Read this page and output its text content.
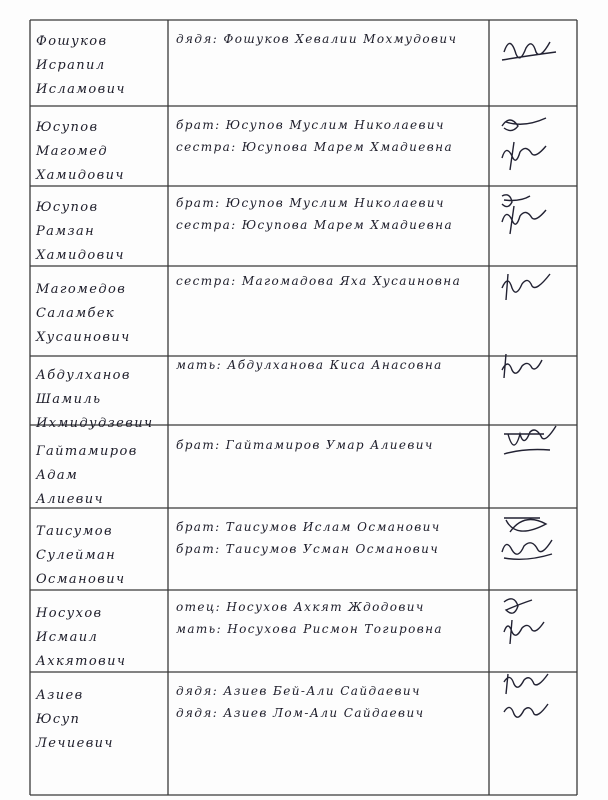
Фошуков
Исрапил
Исламович
дядя: Фошуков Хевалии Мохмудович
Юсупов
Магомед
Хамидович
брат: Юсупов Муслим Николаевич
сестра: Юсупова Марем Хмадиевна
Юсупов
Рамзан
Хамидович
брат: Юсупов Муслим Николаевич
сестра: Юсупова Марем Хмадиевна
Магомедов
Саламбек
Хусаинович
сестра: Магомадова Яха Хусаиновна
Абдулханов
Шамиль
Ихмидудзевич
мать: Абдулханова Киса Анасовна
Гайтамиров
Адам
Алиевич
брат: Гайтамиров Умар Алиевич
Таисумов
Сулейман
Османович
брат: Таисумов Ислам Османович
брат: Таисумов Усман Османович
Носухов
Исмаил
Ахкятович
отец: Носухов Ахкят Ждодович
мать: Носухова Рисмон Тогировна
Азиев
Юсуп
Лечиевич
дядя: Азиев Бей-Али Сайдаевич
дядя: Азиев Лом-Али Сайдаевич
